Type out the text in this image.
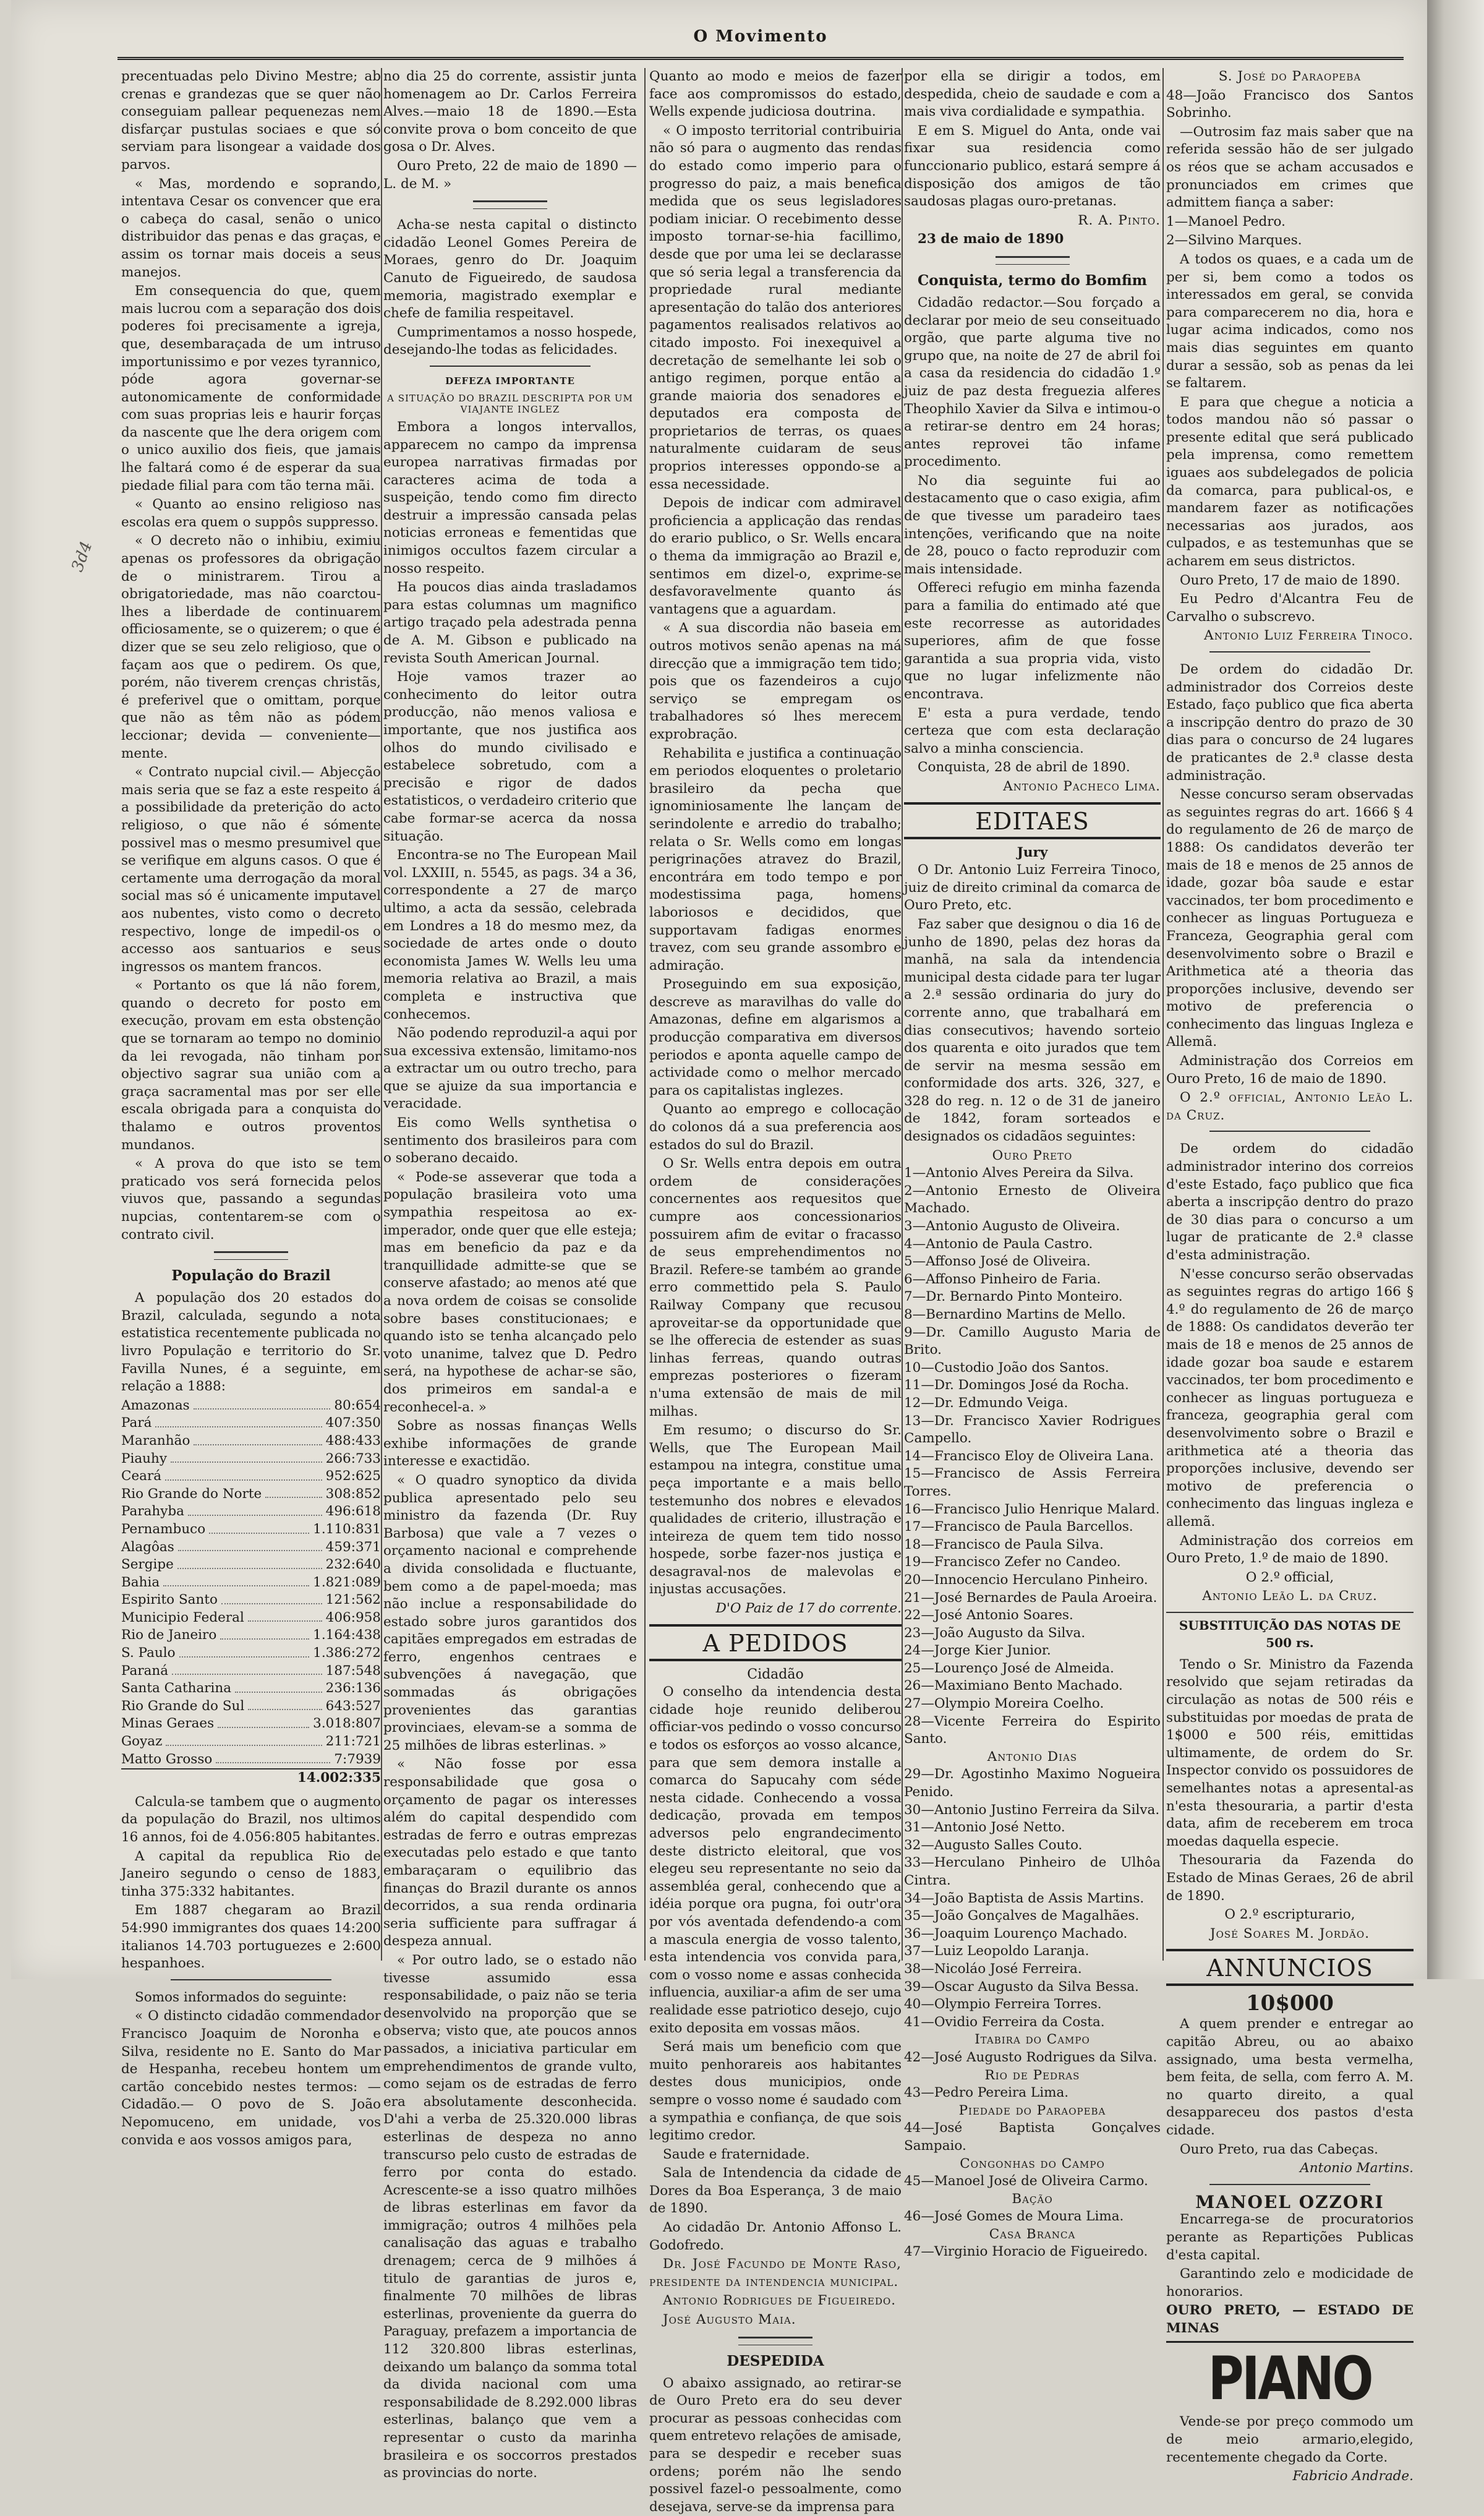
O Movimento
3d4

precentuadas pelo Divino Mestre; ab crenas e grandezas que se quer não conseguiam pallear pequenezas nem disfarçar pustulas sociaes e que só serviam para lisongear a vaidade dos parvos.

« Mas, mordendo e soprando, intentava Cesar os convencer que era o cabeça do casal, senão o unico distribuidor das penas e das graças, e assim os tornar mais doceis a seus manejos.

Em consequencia do que, quem mais lucrou com a separação dos dois poderes foi precisamente a igreja, que, desembaraçada de um intruso importunissimo e por vezes tyrannico, póde agora governar-se autonomicamente de conformidade com suas proprias leis e haurir forças da nascente que lhe dera origem com o unico auxilio dos fieis, que jamais lhe faltará como é de esperar da sua piedade filial para com tão terna mãi.

« Quanto ao ensino religioso nas escolas era quem o suppôs suppresso.

« O decreto não o inhibiu, eximiu apenas os professores da obrigação de o ministrarem. Tirou a obrigatoriedade, mas não coarctou-lhes a liberdade de continuarem officiosamente, se o quizerem; o que é dizer que se seu zelo religioso, que o façam aos que o pedirem. Os que, porém, não tiverem crenças christãs, é preferivel que o omittam, porque que não as têm não as pódem leccionar; devida — conveniente—mente.

« Contrato nupcial civil.— Abjecção mais seria que se faz a este respeito á a possibilidade da preterição do acto religioso, o que não é sómente possivel mas o mesmo presumivel que se verifique em alguns casos. O que é certamente uma derrogação da moral social mas só é unicamente imputavel aos nubentes, visto como o decreto respectivo, longe de impedil-os o accesso aos santuarios e seus ingressos os mantem francos.

« Portanto os que lá não forem, quando o decreto for posto em execução, provam em esta obstenção que se tornaram ao tempo no dominio da lei revogada, não tinham por objectivo sagrar sua união com a graça sacramental mas por ser elle escala obrigada para a conquista do thalamo e outros proventos mundanos.

« A prova do que isto se tem praticado vos será fornecida pelos viuvos que, passando a segundas nupcias, contentarem-se com o contrato civil.

População do Brazil

A população dos 20 estados do Brazil, calculada, segundo a nota estatistica recentemente publicada no livro População e territorio do Sr. Favilla Nunes, é a seguinte, em relação a 1888:

Amazonas	80:654
Pará	407:350
Maranhão	488:433
Piauhy	266:733
Ceará	952:625
Rio Grande do Norte	308:852
Parahyba	496:618
Pernambuco	1.110:831
Alagôas	459:371
Sergipe	232:640
Bahia	1.821:089
Espirito Santo	121:562
Municipio Federal	406:958
Rio de Janeiro	1.164:438
S. Paulo	1.386:272
Paraná	187:548
Santa Catharina	236:136
Rio Grande do Sul	643:527
Minas Geraes	3.018:807
Goyaz	211:721
Matto Grosso	7:7939
14.002:335

Calcula-se tambem que o augmento da população do Brazil, nos ultimos 16 annos, foi de 4.056:805 habitantes.

A capital da republica Rio de Janeiro segundo o censo de 1883, tinha 375:332 habitantes.

Em 1887 chegaram ao Brazil 54:990 immigrantes dos quaes 14:200 italianos 14.703 portuguezes e 2:600 hespanhoes.

Somos informados do seguinte:

« O distincto cidadão commendador Francisco Joaquim de Noronha e Silva, residente no E. Santo do Mar de Hespanha, recebeu hontem um cartão concebido nestes termos: —Cidadão.— O povo de S. João Nepomuceno, em unidade, vos convida e aos vossos amigos para,

no dia 25 do corrente, assistir junta homenagem ao Dr. Carlos Ferreira Alves.—maio 18 de 1890.—Esta convite prova o bom conceito de que gosa o Dr. Alves.

Ouro Preto, 22 de maio de 1890 — L. de M. »

Acha-se nesta capital o distincto cidadão Leonel Gomes Pereira de Moraes, genro do Dr. Joaquim Canuto de Figueiredo, de saudosa memoria, magistrado exemplar e chefe de familia respeitavel.

Cumprimentamos a nosso hospede, desejando-lhe todas as felicidades.

DEFEZA IMPORTANTE
A SITUAÇÃO DO BRAZIL DESCRIPTA POR UM VIAJANTE INGLEZ

Embora a longos intervallos, apparecem no campo da imprensa europea narrativas firmadas por caracteres acima de toda a suspeição, tendo como fim directo destruir a impressão cansada pelas noticias erroneas e fementidas que inimigos occultos fazem circular a nosso respeito.

Ha poucos dias ainda trasladamos para estas columnas um magnifico artigo traçado pela adestrada penna de A. M. Gibson e publicado na revista South American Journal.

Hoje vamos trazer ao conhecimento do leitor outra producção, não menos valiosa e importante, que nos justifica aos olhos do mundo civilisado e estabelece sobretudo, com a precisão e rigor de dados estatisticos, o verdadeiro criterio que cabe formar-se acerca da nossa situação.

Encontra-se no The European Mail vol. LXXIII, n. 5545, as pags. 34 a 36, correspondente a 27 de março ultimo, a acta da sessão, celebrada em Londres a 18 do mesmo mez, da sociedade de artes onde o douto economista James W. Wells leu uma memoria relativa ao Brazil, a mais completa e instructiva que conhecemos.

Não podendo reproduzil-a aqui por sua excessiva extensão, limitamo-nos a extractar um ou outro trecho, para que se ajuize da sua importancia e veracidade.

Eis como Wells synthetisa o sentimento dos brasileiros para com o soberano decaido.

« Pode-se asseverar que toda a população brasileira voto uma sympathia respeitosa ao ex-imperador, onde quer que elle esteja; mas em beneficio da paz e da tranquillidade admitte-se que se conserve afastado; ao menos até que a nova ordem de coisas se consolide sobre bases constitucionaes; e quando isto se tenha alcançado pelo voto unanime, talvez que D. Pedro será, na hypothese de achar-se são, dos primeiros em sandal-a e reconhecel-a. »

Sobre as nossas finanças Wells exhibe informações de grande interesse e exactidão.

« O quadro synoptico da divida publica apresentado pelo seu ministro da fazenda (Dr. Ruy Barbosa) que vale a 7 vezes o orçamento nacional e comprehende a divida consolidada e fluctuante, bem como a de papel-moeda; mas não inclue a responsabilidade do estado sobre juros garantidos dos capitães empregados em estradas de ferro, engenhos centraes e subvenções á navegação, que sommadas ás obrigações provenientes das garantias provinciaes, elevam-se a somma de 25 milhões de libras esterlinas. »

« Não fosse por essa responsabilidade que gosa o orçamento de pagar os interesses além do capital despendido com estradas de ferro e outras emprezas executadas pelo estado e que tanto embaraçaram o equilibrio das finanças do Brazil durante os annos decorridos, a sua renda ordinaria seria sufficiente para suffragar á despeza annual.

« Por outro lado, se o estado não tivesse assumido essa responsabilidade, o paiz não se teria desenvolvido na proporção que se observa; visto que, ate poucos annos passados, a iniciativa particular em emprehendimentos de grande vulto, como sejam os de estradas de ferro era absolutamente desconhecida. D'ahi a verba de 25.320.000 libras esterlinas de despeza no anno transcurso pelo custo de estradas de ferro por conta do estado. Acrescente-se a isso quatro milhões de libras esterlinas em favor da immigração; outros 4 milhões pela canalisação das aguas e trabalho drenagem; cerca de 9 milhões á titulo de garantias de juros e, finalmente 70 milhões de libras esterlinas, proveniente da guerra do Paraguay, prefazem a importancia de 112 320.800 libras esterlinas, deixando um balanço da somma total da divida nacional com uma responsabilidade de 8.292.000 libras esterlinas, balanço que vem a representar o custo da marinha brasileira e os soccorros prestados as provincias do norte.

Quanto ao modo e meios de fazer face aos compromissos do estado, Wells expende judiciosa doutrina.

« O imposto territorial contribuiria não só para o augmento das rendas do estado como imperio para o progresso do paiz, a mais benefica medida que os seus legisladores podiam iniciar. O recebimento desse imposto tornar-se-hia facillimo, desde que por uma lei se declarasse que só seria legal a transferencia da propriedade rural mediante apresentação do talão dos anteriores pagamentos realisados relativos ao citado imposto. Foi inexequivel a decretação de semelhante lei sob o antigo regimen, porque então a grande maioria dos senadores e deputados era composta de proprietarios de terras, os quaes naturalmente cuidaram de seus proprios interesses oppondo-se a essa necessidade.

Depois de indicar com admiravel proficiencia a applicação das rendas do erario publico, o Sr. Wells encara o thema da immigração ao Brazil e, sentimos em dizel-o, exprime-se desfavoravelmente quanto ás vantagens que a aguardam.

« A sua discordia não baseia em outros motivos senão apenas na má direcção que a immigração tem tido; pois que os fazendeiros a cujo serviço se empregam os trabalhadores só lhes merecem exprobração.

Rehabilita e justifica a continuação em periodos eloquentes o proletario brasileiro da pecha que ignominiosamente lhe lançam de serindolente e arredio do trabalho; relata o Sr. Wells como em longas perigrinações atravez do Brazil, encontrára em todo tempo e por modestissima paga, homens laboriosos e decididos, que supportavam fadigas enormes travez, com seu grande assombro e admiração.

Proseguindo em sua exposição, descreve as maravilhas do valle do Amazonas, define em algarismos a producção comparativa em diversos periodos e aponta aquelle campo de actividade como o melhor mercado para os capitalistas inglezes.

Quanto ao emprego e collocação do colonos dá a sua preferencia aos estados do sul do Brazil.

O Sr. Wells entra depois em outra ordem de considerações concernentes aos requesitos que cumpre aos concessionarios possuirem afim de evitar o fracasso de seus emprehendimentos no Brazil. Refere-se também ao grande erro commettido pela S. Paulo Railway Company que recusou aproveitar-se da opportunidade que se lhe offerecia de estender as suas linhas ferreas, quando outras emprezas posteriores o fizeram n'uma extensão de mais de mil milhas.

Em resumo; o discurso do Sr. Wells, que The European Mail estampou na integra, constitue uma peça importante e a mais bello testemunho dos nobres e elevados qualidades de criterio, illustração e inteireza de quem tem tido nosso hospede, sorbe fazer-nos justiça e desagraval-nos de malevolas e injustas accusações.

D'O Paiz de 17 do corrente.

A PEDIDOS
Cidadão

O conselho da intendencia desta cidade hoje reunido deliberou officiar-vos pedindo o vosso concurso e todos os esforços ao vosso alcance, para que sem demora installe a comarca do Sapucahy com séde nesta cidade. Conhecendo a vossa dedicação, provada em tempos adversos pelo engrandecimento deste districto eleitoral, que vos elegeu seu representante no seio da assembléa geral, conhecendo que a idéia porque ora pugna, foi outr'ora por vós aventada defendendo-a com a mascula energia de vosso talento, esta intendencia vos convida para, com o vosso nome e assas conhecida influencia, auxiliar-a afim de ser uma realidade esse patriotico desejo, cujo exito deposita em vossas mãos.

Será mais um beneficio com que muito penhorareis aos habitantes destes dous municipios, onde sempre o vosso nome é saudado com a sympathia e confiança, de que sois legitimo credor.

Saude e fraternidade.

Sala de Intendencia da cidade de Dores da Boa Esperança, 3 de maio de 1890.

Ao cidadão Dr. Antonio Affonso L. Godofredo.

Dr. José Facundo de Monte Raso, presidente da intendencia municipal.

Antonio Rodrigues de Figueiredo.

José Augusto Maia.

DESPEDIDA

O abaixo assignado, ao retirar-se de Ouro Preto era do seu dever procurar as pessoas conhecidas com quem entretevo relações de amisade, para se despedir e receber suas ordens; porém não lhe sendo possivel fazel-o pessoalmente, como desejava, serve-se da imprensa para

por ella se dirigir a todos, em despedida, cheio de saudade e com a mais viva cordialidade e sympathia.

E em S. Miguel do Anta, onde vai fixar sua residencia como funccionario publico, estará sempre á disposição dos amigos de tão saudosas plagas ouro-pretanas.

R. A. Pinto.

23 de maio de 1890

Conquista, termo do Bomfim

Cidadão redactor.—Sou forçado a declarar por meio de seu conseituado orgão, que parte alguma tive no grupo que, na noite de 27 de abril foi a casa da residencia do cidadão 1.º juiz de paz desta freguezia alferes Theophilo Xavier da Silva e intimou-o a retirar-se dentro em 24 horas; antes reprovei tão infame procedimento.

No dia seguinte fui ao destacamento que o caso exigia, afim de que tivesse um paradeiro taes intenções, verificando que na noite de 28, pouco o facto reproduzir com mais intensidade.

Offereci refugio em minha fazenda para a familia do entimado até que este recorresse as autoridades superiores, afim de que fosse garantida a sua propria vida, visto que no lugar infelizmente não encontrava.

E' esta a pura verdade, tendo certeza que com esta declaração salvo a minha consciencia.

Conquista, 28 de abril de 1890.

Antonio Pacheco Lima.

EDITAES
Jury

O Dr. Antonio Luiz Ferreira Tinoco, juiz de direito criminal da comarca de Ouro Preto, etc.

Faz saber que designou o dia 16 de junho de 1890, pelas dez horas da manhã, na sala da intendencia municipal desta cidade para ter lugar a 2.ª sessão ordinaria do jury do corrente anno, que trabalhará em dias consecutivos; havendo sorteio dos quarenta e oito jurados que tem de servir na mesma sessão em conformidade dos arts. 326, 327, e 328 do reg. n. 12 o de 31 de janeiro de 1842, foram sorteados e designados os cidadãos seguintes:

Ouro Preto

1—Antonio Alves Pereira da Silva.

2—Antonio Ernesto de Oliveira Machado.

3—Antonio Augusto de Oliveira.

4—Antonio de Paula Castro.

5—Affonso José de Oliveira.

6—Affonso Pinheiro de Faria.

7—Dr. Bernardo Pinto Monteiro.

8—Bernardino Martins de Mello.

9—Dr. Camillo Augusto Maria de Brito.

10—Custodio João dos Santos.

11—Dr. Domingos José da Rocha.

12—Dr. Edmundo Veiga.

13—Dr. Francisco Xavier Rodrigues Campello.

14—Francisco Eloy de Oliveira Lana.

15—Francisco de Assis Ferreira Torres.

16—Francisco Julio Henrique Malard.

17—Francisco de Paula Barcellos.

18—Francisco de Paula Silva.

19—Francisco Zefer no Candeo.

20—Innocencio Herculano Pinheiro.

21—José Bernardes de Paula Aroeira.

22—José Antonio Soares.

23—João Augusto da Silva.

24—Jorge Kier Junior.

25—Lourenço José de Almeida.

26—Maximiano Bento Machado.

27—Olympio Moreira Coelho.

28—Vicente Ferreira do Espirito Santo.

Antonio Dias

29—Dr. Agostinho Maximo Nogueira Penido.

30—Antonio Justino Ferreira da Silva.

31—Antonio José Netto.

32—Augusto Salles Couto.

33—Herculano Pinheiro de Ulhôa Cintra.

34—João Baptista de Assis Martins.

35—João Gonçalves de Magalhães.

36—Joaquim Lourenço Machado.

37—Luiz Leopoldo Laranja.

38—Nicoláo José Ferreira.

39—Oscar Augusto da Silva Bessa.

40—Olympio Ferreira Torres.

41—Ovidio Ferreira da Costa.

Itabira do Campo

42—José Augusto Rodrigues da Silva.

Rio de Pedras

43—Pedro Pereira Lima.

Piedade do Paraopeba

44—José Baptista Gonçalves Sampaio.

Congonhas do Campo

45—Manoel José de Oliveira Carmo.

Bação

46—José Gomes de Moura Lima.

Casa Branca

47—Virginio Horacio de Figueiredo.

S. José do Paraopeba

48—João Francisco dos Santos Sobrinho.

—Outrosim faz mais saber que na referida sessão hão de ser julgado os réos que se acham accusados e pronunciados em crimes que admittem fiança a saber:

1—Manoel Pedro.

2—Silvino Marques.

A todos os quaes, e a cada um de per si, bem como a todos os interessados em geral, se convida para comparecerem no dia, hora e lugar acima indicados, como nos mais dias seguintes em quanto durar a sessão, sob as penas da lei se faltarem.

E para que chegue a noticia a todos mandou não só passar o presente edital que será publicado pela imprensa, como remettem iguaes aos subdelegados de policia da comarca, para publical-os, e mandarem fazer as notificações necessarias aos jurados, aos culpados, e as testemunhas que se acharem em seus districtos.

Ouro Preto, 17 de maio de 1890.

Eu Pedro d'Alcantra Feu de Carvalho o subscrevo.

Antonio Luiz Ferreira Tinoco.

De ordem do cidadão Dr. administrador dos Correios deste Estado, faço publico que fica aberta a inscripção dentro do prazo de 30 dias para o concurso de 24 lugares de praticantes de 2.ª classe desta administração.

Nesse concurso seram observadas as seguintes regras do art. 1666 § 4 do regulamento de 26 de março de 1888: Os candidatos deverão ter mais de 18 e menos de 25 annos de idade, gozar bôa saude e estar vaccinados, ter bom procedimento e conhecer as linguas Portugueza e Franceza, Geographia geral com desenvolvimento sobre o Brazil e Arithmetica até a theoria das proporções inclusive, devendo ser motivo de preferencia o conhecimento das linguas Ingleza e Allemã.

Administração dos Correios em Ouro Preto, 16 de maio de 1890.

O 2.º official, Antonio Leão L. da Cruz.

De ordem do cidadão administrador interino dos correios d'este Estado, faço publico que fica aberta a inscripção dentro do prazo de 30 dias para o concurso a um lugar de praticante de 2.ª classe d'esta administração.

N'esse concurso serão observadas as seguintes regras do artigo 166 § 4.º do regulamento de 26 de março de 1888: Os candidatos deverão ter mais de 18 e menos de 25 annos de idade gozar boa saude e estarem vaccinados, ter bom procedimento e conhecer as linguas portugueza e franceza, geographia geral com desenvolvimento sobre o Brazil e arithmetica até a theoria das proporções inclusive, devendo ser motivo de preferencia o conhecimento das linguas ingleza e allemã.

Administração dos correios em Ouro Preto, 1.º de maio de 1890.

O 2.º official,

Antonio Leão L. da Cruz.

SUBSTITUIÇÃO DAS NOTAS DE 500 rs.

Tendo o Sr. Ministro da Fazenda resolvido que sejam retiradas da circulação as notas de 500 réis e substituidas por moedas de prata de 1$000 e 500 réis, emittidas ultimamente, de ordem do Sr. Inspector convido os possuidores de semelhantes notas a apresental-as n'esta thesouraria, a partir d'esta data, afim de receberem em troca moedas daquella especie.

Thesouraria da Fazenda do Estado de Minas Geraes, 26 de abril de 1890.

O 2.º escripturario,

José Soares M. Jordão.

ANNUNCIOS
10$000

A quem prender e entregar ao capitão Abreu, ou ao abaixo assignado, uma besta vermelha, bem feita, de sella, com ferro A. M. no quarto direito, a qual desappareceu dos pastos d'esta cidade.

Ouro Preto, rua das Cabeças.

Antonio Martins.

MANOEL OZZORI

Encarrega-se de procuratorios perante as Repartições Publicas d'esta capital.

Garantindo zelo e modicidade de honorarios.

OURO PRETO, — ESTADO DE MINAS

PIANO

Vende-se por preço commodo um de meio armario,elegido, recentemente chegado da Corte.

Fabricio Andrade.
